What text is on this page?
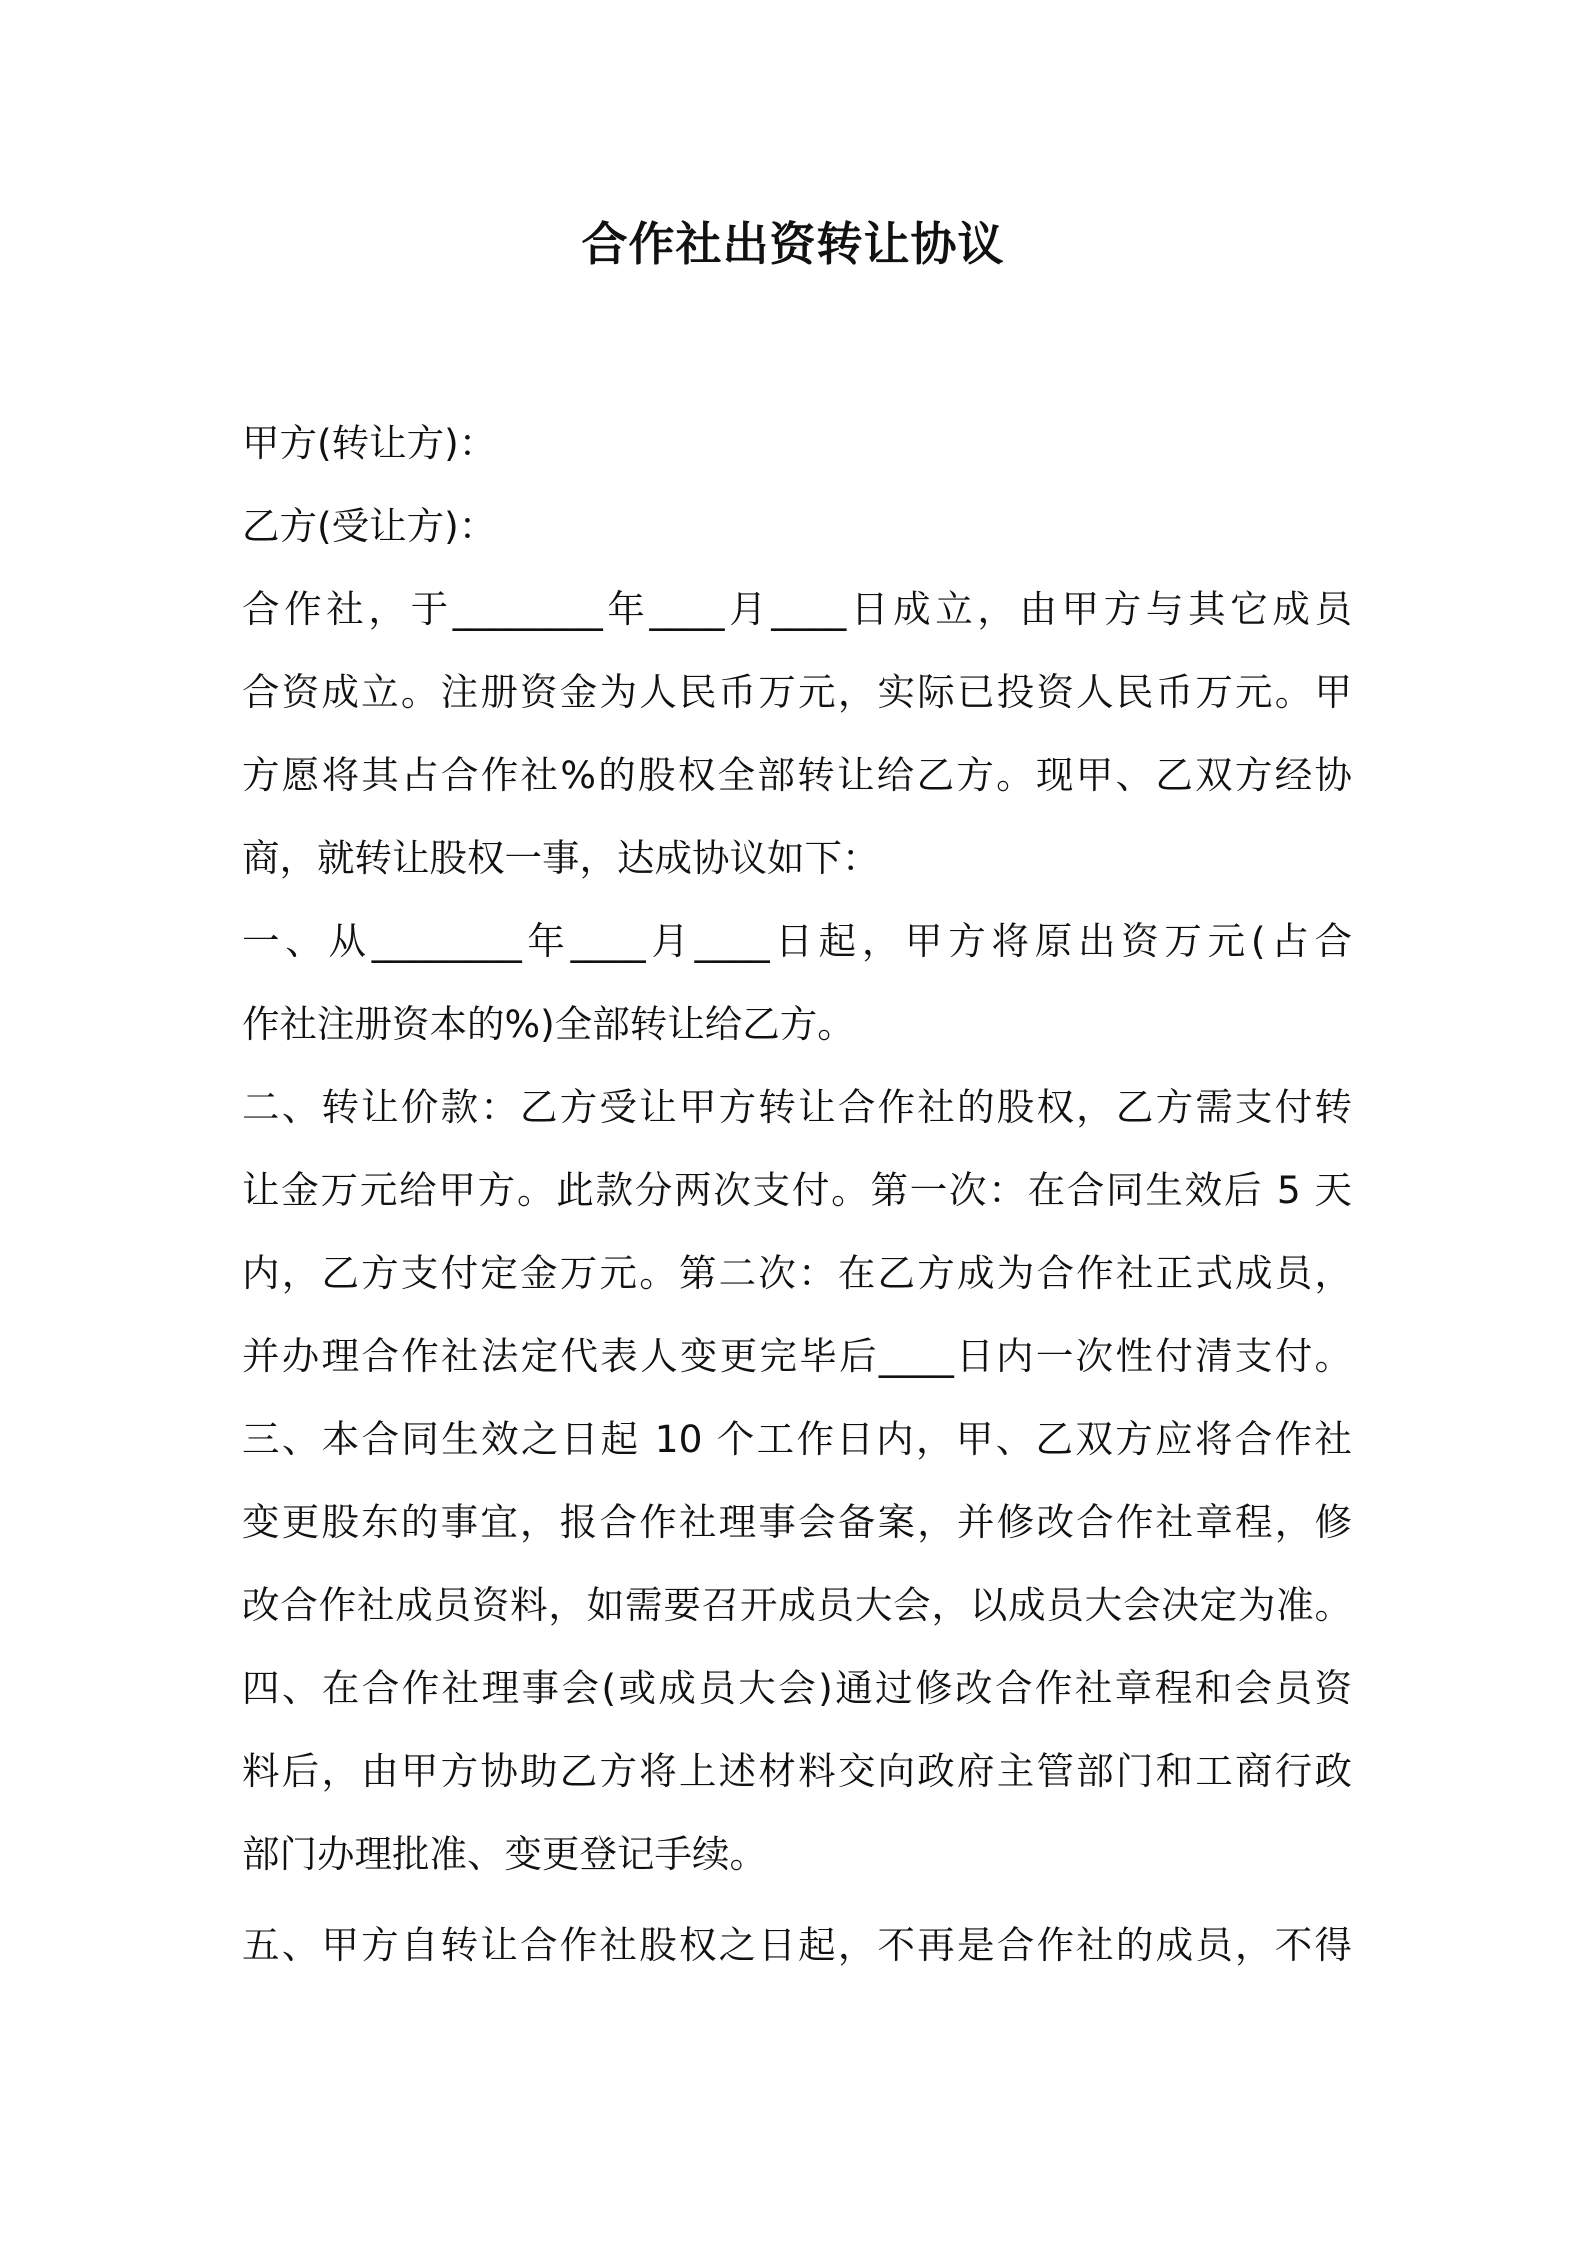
合作社出资转让协议
甲方(转让方)：
乙方(受让方)：
合作社，于________年____月____日成立，由甲方与其它成员
合资成立。注册资金为人民币万元，实际已投资人民币万元。甲
方愿将其占合作社%的股权全部转让给乙方。现甲、乙双方经协
商，就转让股权一事，达成协议如下：
一、从________年____月____日起，甲方将原出资万元(占合
作社注册资本的%)全部转让给乙方。
二、转让价款：乙方受让甲方转让合作社的股权，乙方需支付转
让金万元给甲方。此款分两次支付。第一次：在合同生效后 5 天
内，乙方支付定金万元。第二次：在乙方成为合作社正式成员，
并办理合作社法定代表人变更完毕后____日内一次性付清支付。
三、本合同生效之日起 10 个工作日内，甲、乙双方应将合作社
变更股东的事宜，报合作社理事会备案，并修改合作社章程，修
改合作社成员资料，如需要召开成员大会，以成员大会决定为准。
四、在合作社理事会(或成员大会)通过修改合作社章程和会员资
料后，由甲方协助乙方将上述材料交向政府主管部门和工商行政
部门办理批准、变更登记手续。
五、甲方自转让合作社股权之日起，不再是合作社的成员，不得
